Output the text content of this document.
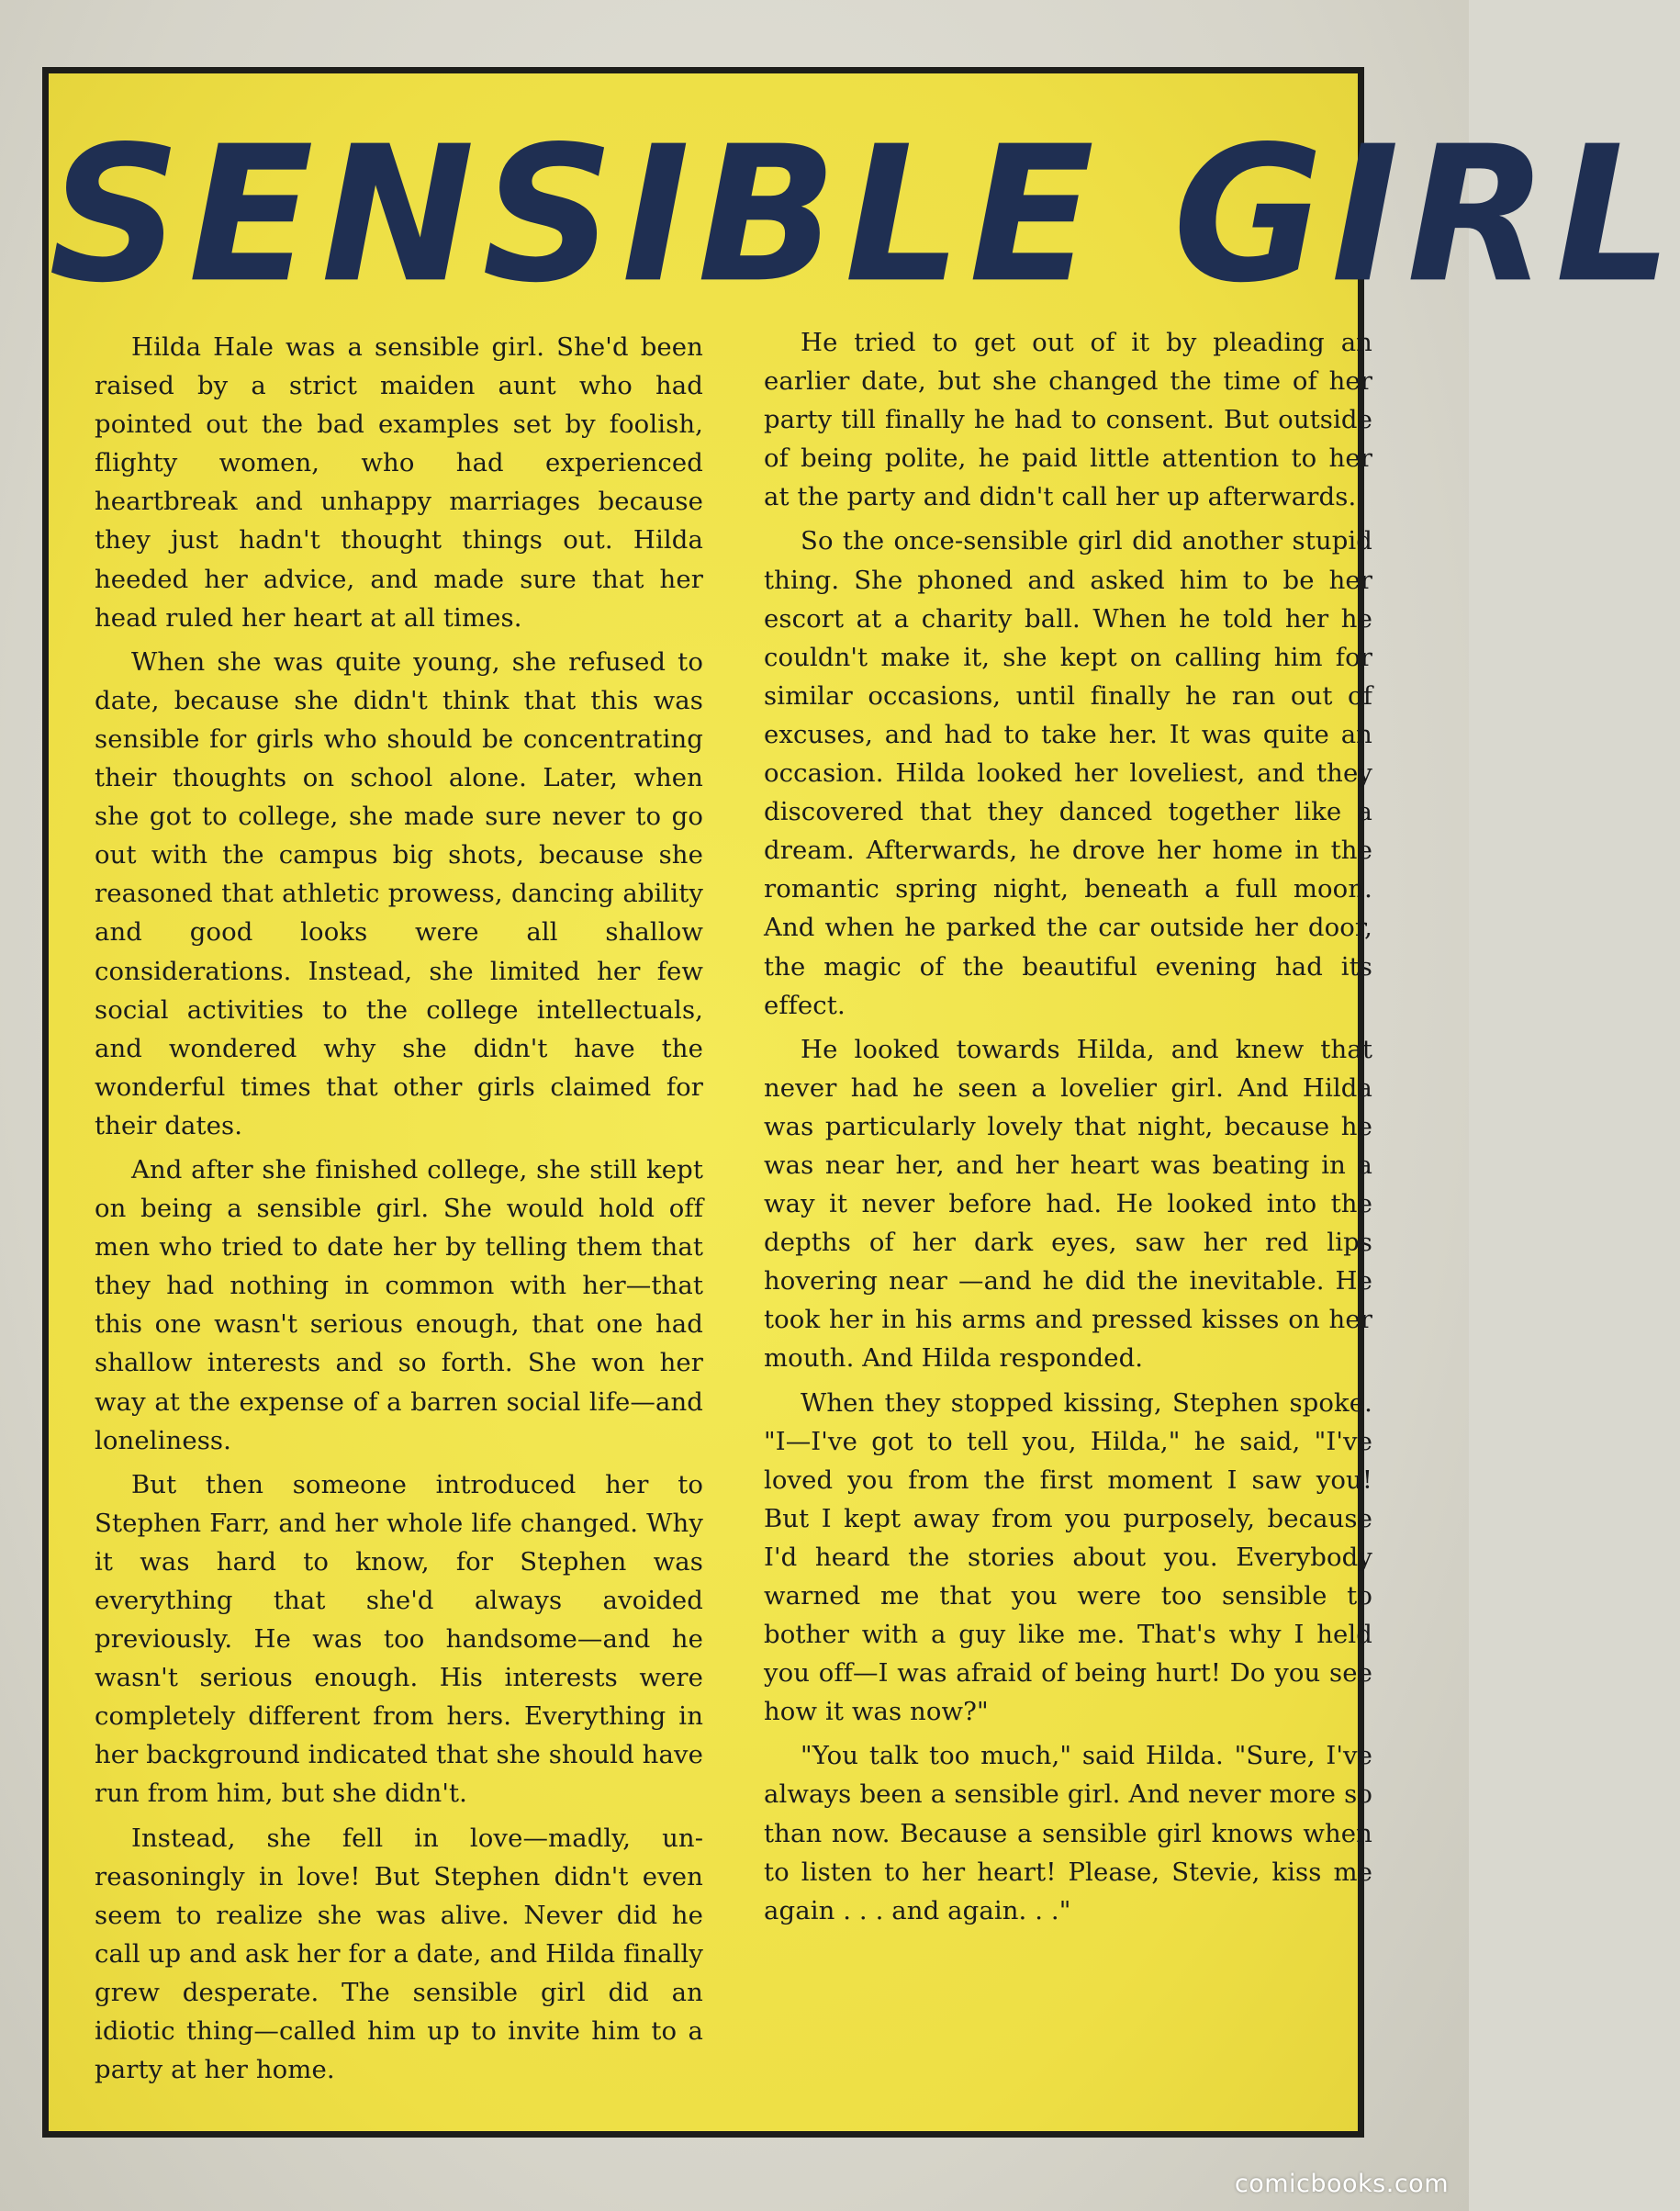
SENSIBLE GIRL

Hilda Hale was a sensible girl. She'd been raised by a strict maiden aunt who had pointed out the bad examples set by foolish, flighty women, who had experienced heartbreak and unhappy marriages because they just hadn't thought things out. Hilda heeded her advice, and made sure that her head ruled her heart at all times.

When she was quite young, she refused to date, because she didn't think that this was sensible for girls who should be concentrating their thoughts on school alone. Later, when she got to college, she made sure never to go out with the campus big shots, because she reasoned that athletic prowess, dancing ability and good looks were all shallow considerations. Instead, she limited her few social activities to the college intellectuals, and wondered why she didn't have the wonderful times that other girls claimed for their dates.

And after she finished college, she still kept on being a sensible girl. She would hold off men who tried to date her by telling them that they had nothing in common with her—that this one wasn't serious enough, that one had shallow interests and so forth. She won her way at the expense of a barren social life—and loneliness.

But then someone introduced her to Stephen Farr, and her whole life changed. Why it was hard to know, for Stephen was everything that she'd always avoided previously. He was too handsome—and he wasn't serious enough. His interests were completely different from hers. Everything in her background indicated that she should have run from him, but she didn't.

Instead, she fell in love—madly, unreasoningly in love! But Stephen didn't even seem to realize she was alive. Never did he call up and ask her for a date, and Hilda finally grew desperate. The sensible girl did an idiotic thing—called him up to invite him to a party at her home.

He tried to get out of it by pleading an earlier date, but she changed the time of her party till finally he had to consent. But outside of being polite, he paid little attention to her at the party and didn't call her up afterwards.

So the once-sensible girl did another stupid thing. She phoned and asked him to be her escort at a charity ball. When he told her he couldn't make it, she kept on calling him for similar occasions, until finally he ran out of excuses, and had to take her. It was quite an occasion. Hilda looked her loveliest, and they discovered that they danced together like a dream. Afterwards, he drove her home in the romantic spring night, beneath a full moon. And when he parked the car outside her door, the magic of the beautiful evening had its effect.

He looked towards Hilda, and knew that never had he seen a lovelier girl. And Hilda was particularly lovely that night, because he was near her, and her heart was beating in a way it never before had. He looked into the depths of her dark eyes, saw her red lips hovering near —and he did the inevitable. He took her in his arms and pressed kisses on her mouth. And Hilda responded.

When they stopped kissing, Stephen spoke. "I—I've got to tell you, Hilda," he said, "I've loved you from the first moment I saw you! But I kept away from you purposely, because I'd heard the stories about you. Everybody warned me that you were too sensible to bother with a guy like me. That's why I held you off—I was afraid of being hurt! Do you see how it was now?"

"You talk too much," said Hilda. "Sure, I've always been a sensible girl. And never more so than now. Because a sensible girl knows when to listen to her heart! Please, Stevie, kiss me again . . . and again. . ."

comicbooks.com
